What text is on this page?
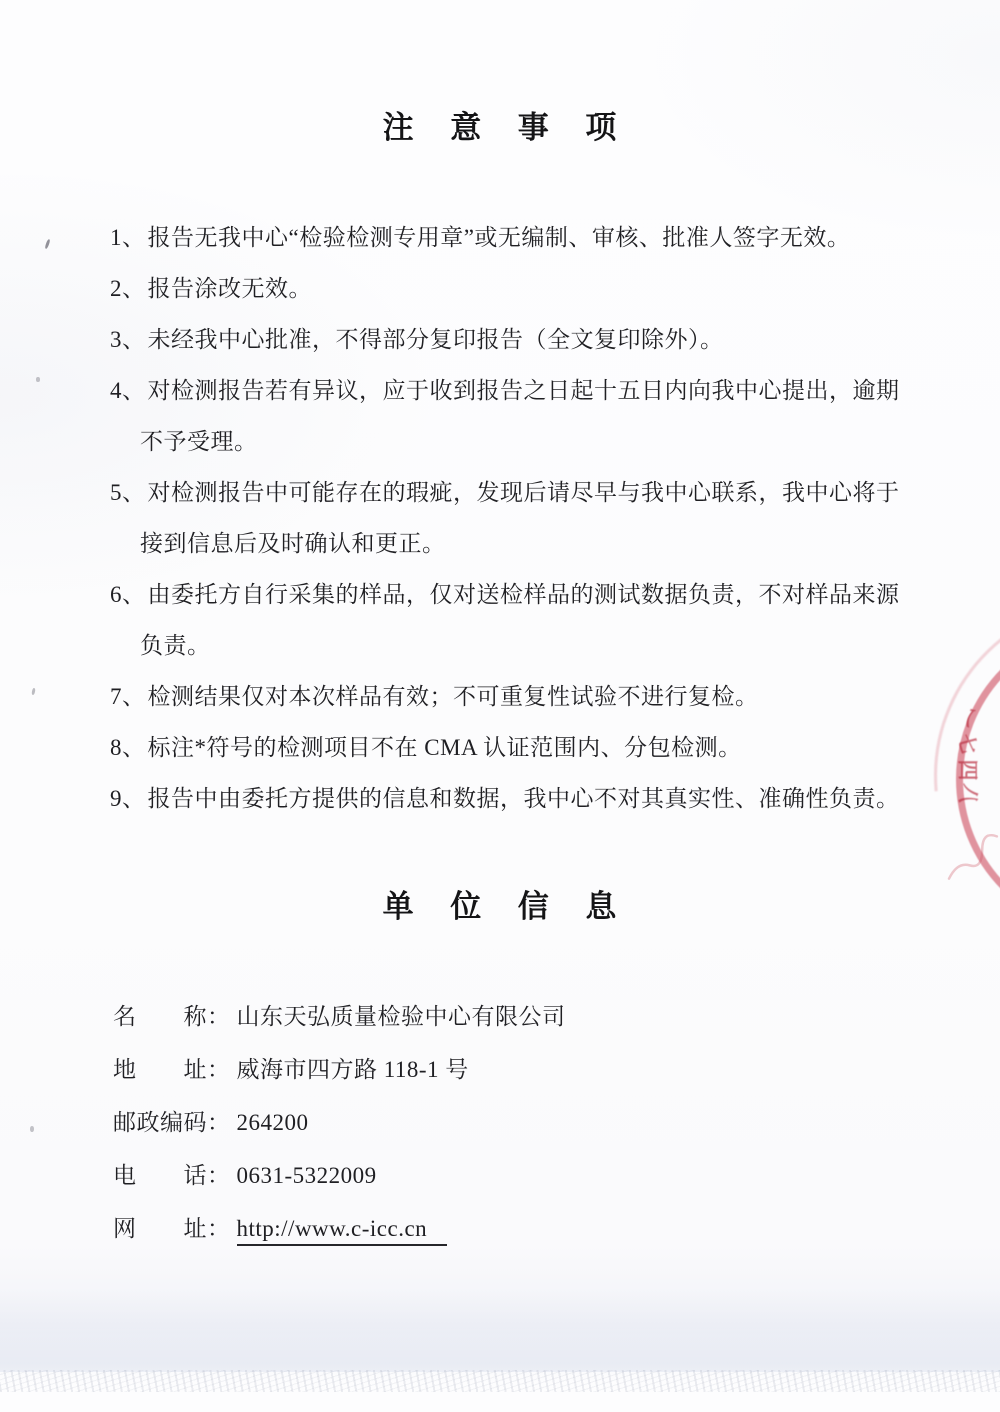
注 意 事 项
1、报告无我中心“检验检测专用章”或无编制、审核、批准人签字无效。
2、报告涂改无效。
3、未经我中心批准，不得部分复印报告（全文复印除外）。
4、对检测报告若有异议，应于收到报告之日起十五日内向我中心提出，逾期
不予受理。
5、对检测报告中可能存在的瑕疵，发现后请尽早与我中心联系，我中心将于
接到信息后及时确认和更正。
6、由委托方自行采集的样品，仅对送检样品的测试数据负责，不对样品来源
负责。
7、检测结果仅对本次样品有效；不可重复性试验不进行复检。
8、标注*符号的检测项目不在 CMA 认证范围内、分包检测。
9、报告中由委托方提供的信息和数据，我中心不对其真实性、准确性负责。
单 位 信 息
名　　称： 山东天弘质量检验中心有限公司
地　　址： 威海市四方路 118-1 号
邮政编码： 264200
电　　话： 0631-5322009
网　　址： http://www.c-icc.cn
乀
七
四
八
